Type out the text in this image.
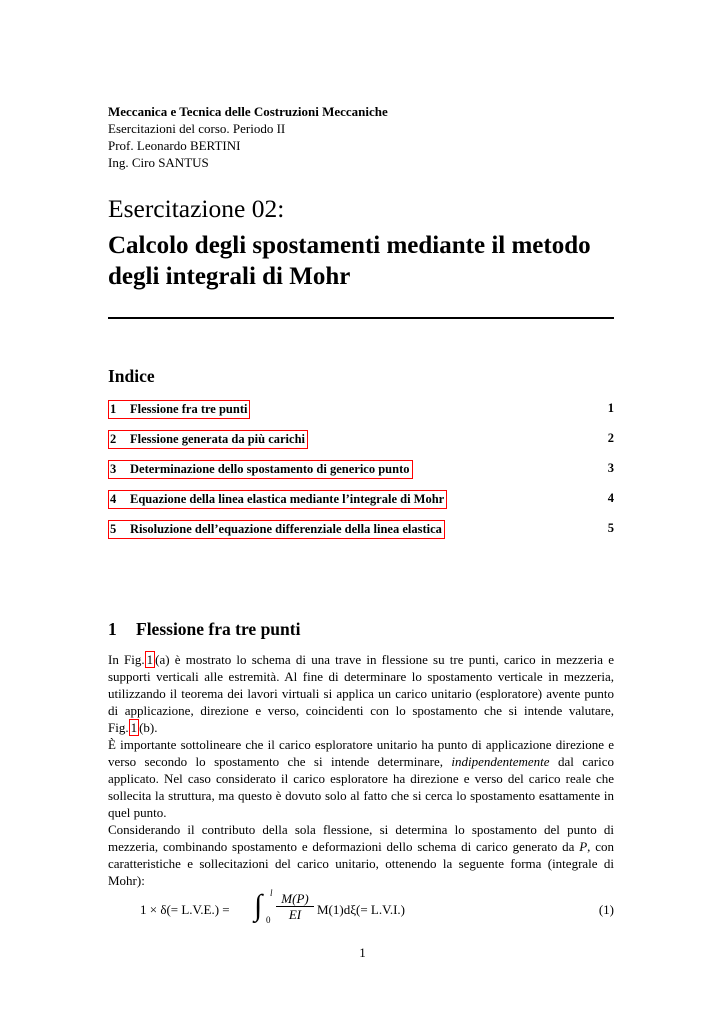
Meccanica e Tecnica delle Costruzioni Meccaniche
Esercitazioni del corso. Periodo II
Prof. Leonardo BERTINI
Ing. Ciro SANTUS
Esercitazione 02:
Calcolo degli spostamenti mediante il metodo
degli integrali di Mohr
Indice
1 Flessione fra tre punti	1
2 Flessione generata da più carichi	2
3 Determinazione dello spostamento di generico punto	3
4 Equazione della linea elastica mediante l’integrale di Mohr	4
5 Risoluzione dell’equazione differenziale della linea elastica	5
1 Flessione fra tre punti

In Fig. 1 (a) è mostrato lo schema di una trave in flessione su tre punti, carico in mezzeria e supporti verticali alle estremità. Al fine di determinare lo spostamento verticale in mezzeria, utilizzando il teorema dei lavori virtuali si applica un carico unitario (esploratore) avente punto di applicazione, direzione e verso, coincidenti con lo spostamento che si intende valutare, Fig. 1 (b).

È importante sottolineare che il carico esploratore unitario ha punto di applicazione direzione e verso secondo lo spostamento che si intende determinare, indipendentemente dal carico applicato. Nel caso considerato il carico esploratore ha direzione e verso del carico reale che sollecita la struttura, ma questo è dovuto solo al fatto che si cerca lo spostamento esattamente in quel punto.

Considerando il contributo della sola flessione, si determina lo spostamento del punto di mezzeria, combinando spostamento e deformazioni dello schema di carico generato da P, con caratteristiche e sollecitazioni del carico unitario, ottenendo la seguente forma (integrale di Mohr):

1 × δ(= L.V.E.) = ∫ l
$0 \frac{M(P)}{EI} M(1)d\xi(= L.V.I.)$	(1)
1
